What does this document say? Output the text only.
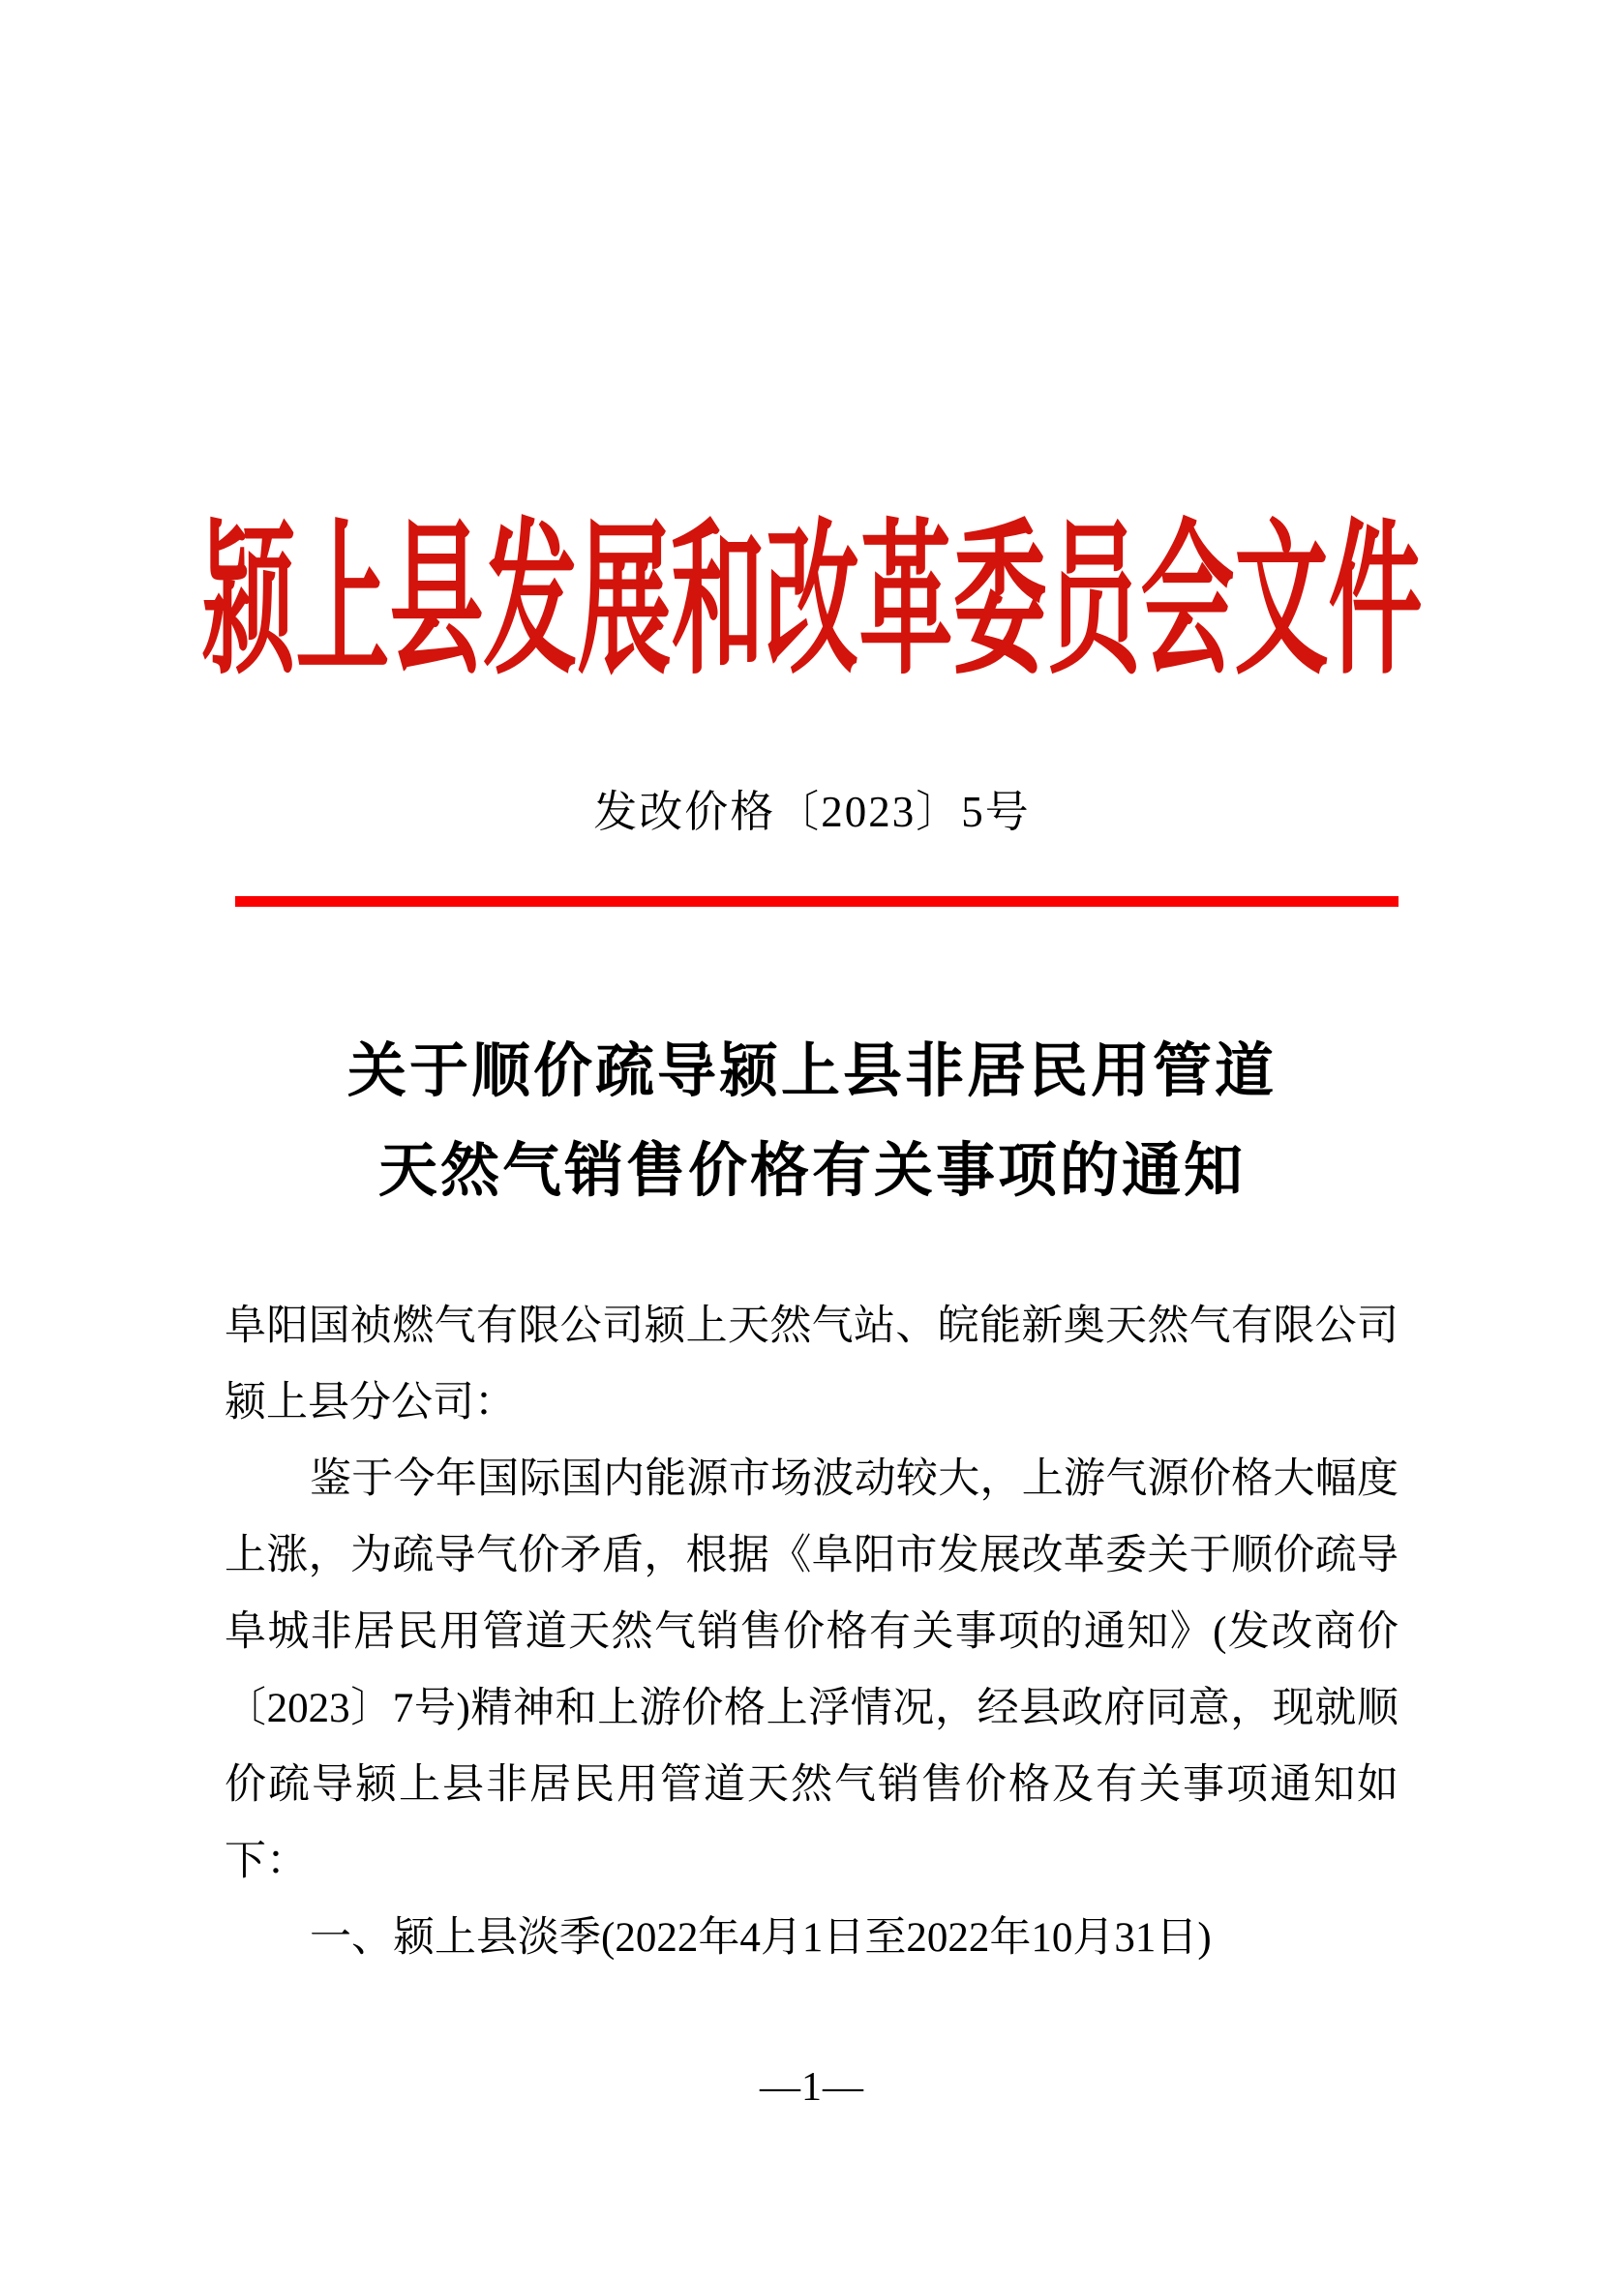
颍上县发展和改革委员会文件
发改价格〔2023〕5号
关于顺价疏导颍上县非居民用管道
天然气销售价格有关事项的通知
阜阳国祯燃气有限公司颍上天然气站、皖能新奥天然气有限公司
颍上县分公司：
鉴于今年国际国内能源市场波动较大，上游气源价格大幅度
上涨，为疏导气价矛盾，根据《阜阳市发展改革委关于顺价疏导
阜城非居民用管道天然气销售价格有关事项的通知》(发改商价
〔2023〕7号)精神和上游价格上浮情况，经县政府同意，现就顺
价疏导颍上县非居民用管道天然气销售价格及有关事项通知如
下：
一、颍上县淡季(2022年4月1日至2022年10月31日)
—1—
